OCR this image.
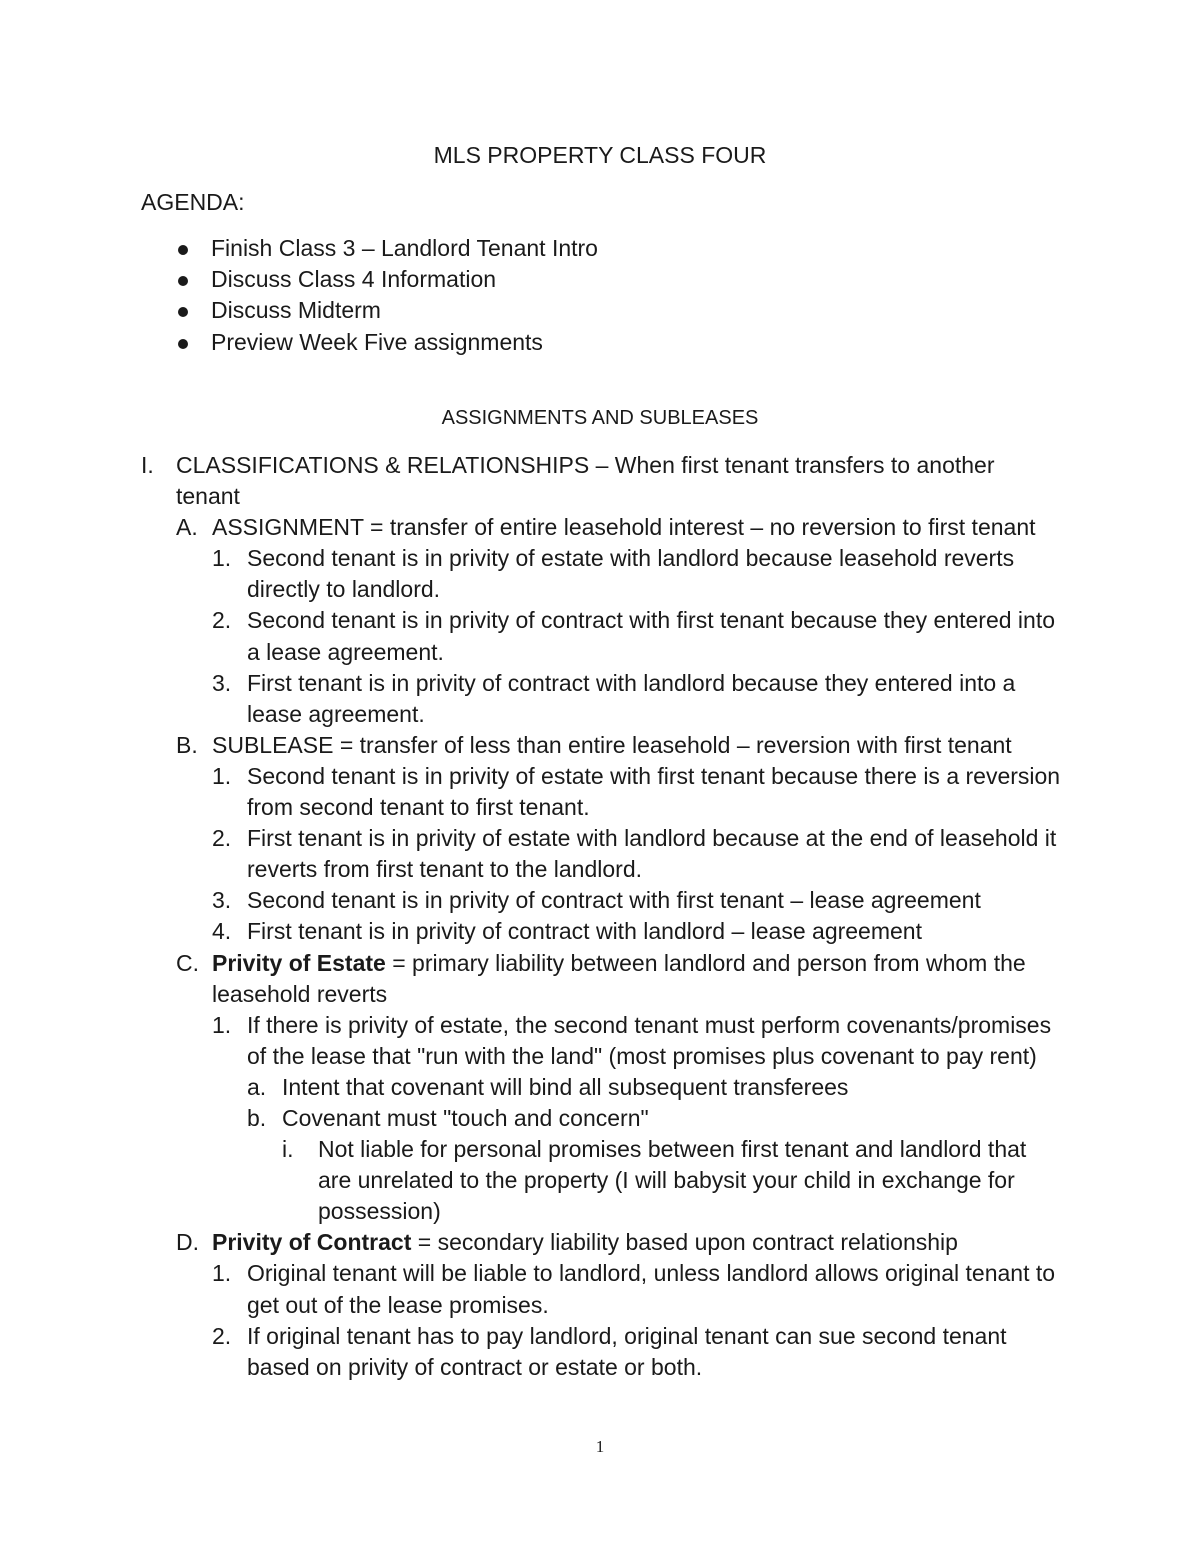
MLS PROPERTY CLASS FOUR
AGENDA:
Finish Class 3 – Landlord Tenant Intro
Discuss Class 4 Information
Discuss Midterm
Preview Week Five assignments
ASSIGNMENTS AND SUBLEASES
I. CLASSIFICATIONS & RELATIONSHIPS – When first tenant transfers to another
tenant
A. ASSIGNMENT = transfer of entire leasehold interest – no reversion to first tenant
1. Second tenant is in privity of estate with landlord because leasehold reverts directly to landlord.
2. Second tenant is in privity of contract with first tenant because they entered into a lease agreement.
3. First tenant is in privity of contract with landlord because they entered into a lease agreement.
B. SUBLEASE = transfer of less than entire leasehold – reversion with first tenant
1. Second tenant is in privity of estate with first tenant because there is a reversion from second tenant to first tenant.
2. First tenant is in privity of estate with landlord because at the end of leasehold it reverts from first tenant to the landlord.
3. Second tenant is in privity of contract with first tenant – lease agreement
4. First tenant is in privity of contract with landlord – lease agreement
C. Privity of Estate = primary liability between landlord and person from whom the leasehold reverts
1. If there is privity of estate, the second tenant must perform covenants/promises of the lease that "run with the land" (most promises plus covenant to pay rent)
a. Intent that covenant will bind all subsequent transferees
b. Covenant must "touch and concern"
i. Not liable for personal promises between first tenant and landlord that are unrelated to the property (I will babysit your child in exchange for possession)
D. Privity of Contract = secondary liability based upon contract relationship
1. Original tenant will be liable to landlord, unless landlord allows original tenant to get out of the lease promises.
2. If original tenant has to pay landlord, original tenant can sue second tenant based on privity of contract or estate or both.
1
